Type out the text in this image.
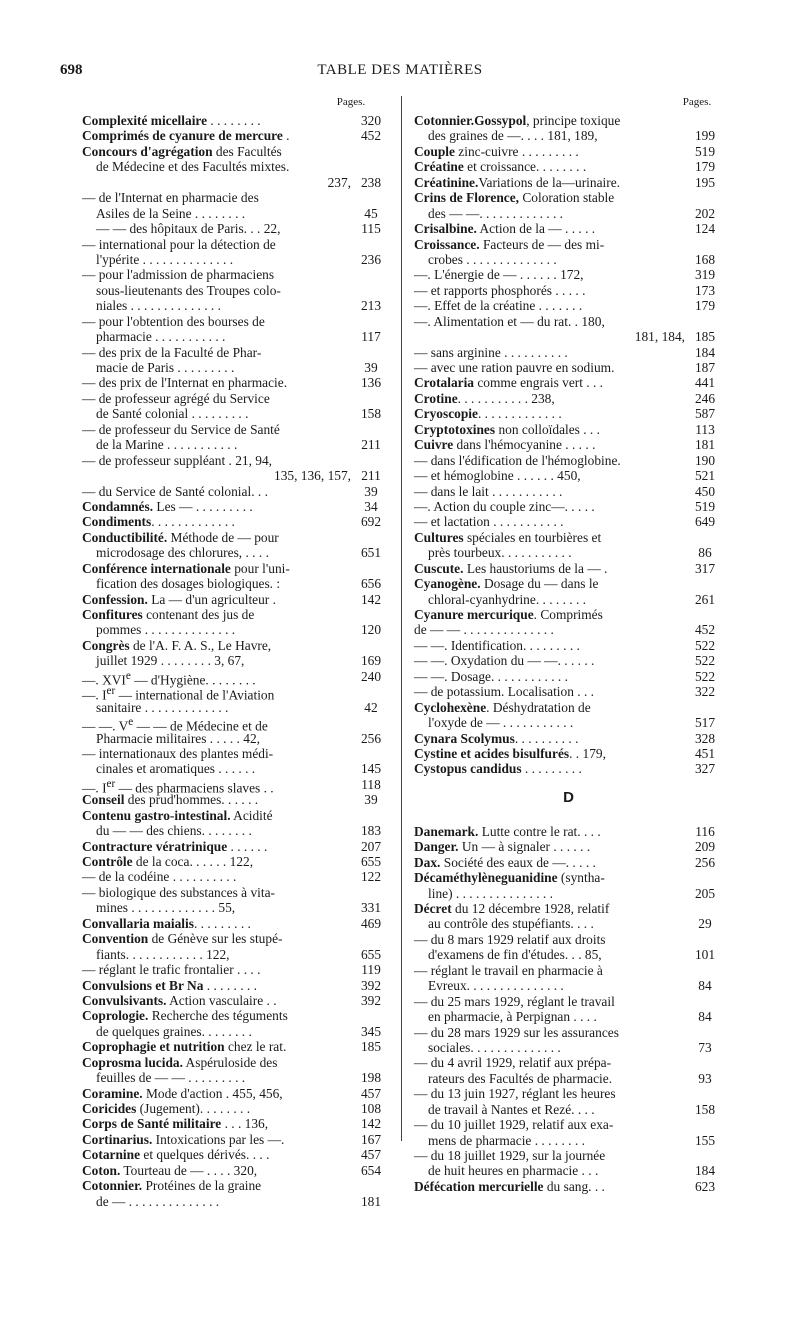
698	TABLE DES MATIÈRES
Pages.
Complexité micellaire . . . . . . . .	320
Comprimés de cyanure de mercure .	452
Concours d'agrégation des Facultés
de Médecine et des Facultés mixtes.
237, 238
— de l'Internat en pharmacie des
Asiles de la Seine . . . . . . . .	45
— — des hôpitaux de Paris. . . 22,	115
— international pour la détection de
l'ypérite . . . . . . . . . . . . . .	236
— pour l'admission de pharmaciens
sous-lieutenants des Troupes colo-
niales . . . . . . . . . . . . . .	213
— pour l'obtention des bourses de
pharmacie . . . . . . . . . . .	117
— des prix de la Faculté de Phar-
macie de Paris . . . . . . . . .	39
— des prix de l'Internat en pharmacie.	136
— de professeur agrégé du Service
de Santé colonial . . . . . . . . .	158
— de professeur du Service de Santé
de la Marine . . . . . . . . . . .	211
— de professeur suppléant . 21, 94,
135, 136, 157, 211
— du Service de Santé colonial. . .	39
Condamnés. Les — . . . . . . . . .	34
Condiments. . . . . . . . . . . . .	692
Conductibilité. Méthode de — pour
microdosage des chlorures, . . . .	651
Conférence internationale pour l'uni-
fication des dosages biologiques. :	656
Confession. La — d'un agriculteur .	142
Confitures contenant des jus de
pommes . . . . . . . . . . . . . .	120
Congrès de l'A. F. A. S., Le Havre,
juillet 1929 . . . . . . . . 3, 67,	169
—. XVIe — d'Hygiène. . . . . . . .	240
—. Ier — international de l'Aviation
sanitaire . . . . . . . . . . . . .	42
— —. Ve — — de Médecine et de
Pharmacie militaires . . . . . 42,	256
— internationaux des plantes médi-
cinales et aromatiques . . . . . .	145
—. Ier — des pharmaciens slaves . .	118
Conseil des prud'hommes. . . . . .	39
Contenu gastro-intestinal. Acidité
du — — des chiens. . . . . . . .	183
Contracture vératrinique . . . . . .	207
Contrôle de la coca. . . . . . 122,	655
— de la codéine . . . . . . . . . .	122
— biologique des substances à vita-
mines . . . . . . . . . . . . . 55,	331
Convallaria maialis. . . . . . . . .	469
Convention de Génève sur les stupé-
fiants. . . . . . . . . . . . 122,	655
— réglant le trafic frontalier . . . .	119
Convulsions et Br Na . . . . . . . .	392
Convulsivants. Action vasculaire . .	392
Coprologie. Recherche des téguments
de quelques graines. . . . . . . .	345
Coprophagie et nutrition chez le rat.	185
Coprosma lucida. Aspéruloside des
feuilles de — — . . . . . . . . .	198
Coramine. Mode d'action . 455, 456,	457
Coricides (Jugement). . . . . . . .	108
Corps de Santé militaire . . . 136,	142
Cortinarius. Intoxications par les —.	167
Cotarnine et quelques dérivés. . . .	457
Coton. Tourteau de — . . . . 320,	654
Cotonnier. Protéines de la graine
de — . . . . . . . . . . . . . .	181
Pages.
Cotonnier.Gossypol, principe toxique
des graines de —. . . . 181, 189,	199
Couple zinc-cuivre . . . . . . . . .	519
Créatine et croissance. . . . . . . .	179
Créatinine.Variations de la—urinaire.	195
Crins de Florence, Coloration stable
des — —. . . . . . . . . . . . .	202
Crisalbine. Action de la — . . . . .	124
Croissance. Facteurs de — des mi-
crobes . . . . . . . . . . . . . .	168
—. L'énergie de — . . . . . . 172,	319
— et rapports phosphorés . . . . .	173
—. Effet de la créatine . . . . . . .	179
—. Alimentation et — du rat. . 180,
181, 184, 185
— sans arginine . . . . . . . . . .	184
— avec une ration pauvre en sodium.	187
Crotalaria comme engrais vert . . .	441
Crotine. . . . . . . . . . . 238,	246
Cryoscopie. . . . . . . . . . . . .	587
Cryptotoxines non colloïdales . . .	113
Cuivre dans l'hémocyanine . . . . .	181
— dans l'édification de l'hémoglobine.	190
— et hémoglobine . . . . . . 450,	521
— dans le lait . . . . . . . . . . .	450
—. Action du couple zinc—. . . . .	519
— et lactation . . . . . . . . . . .	649
Cultures spéciales en tourbières et
près tourbeux. . . . . . . . . . .	86
Cuscute. Les haustoriums de la — .	317
Cyanogène. Dosage du — dans le
chloral-cyanhydrine. . . . . . . .	261
Cyanure mercurique. Comprimés
de — — . . . . . . . . . . . . . .	452
— —. Identification. . . . . . . . .	522
— —. Oxydation du — —. . . . . .	522
— —. Dosage. . . . . . . . . . . .	522
— de potassium. Localisation . . .	322
Cyclohexène. Déshydratation de
l'oxyde de — . . . . . . . . . . .	517
Cynara Scolymus. . . . . . . . . .	328
Cystine et acides bisulfurés. . 179,	451
Cystopus candidus . . . . . . . . .	327
D
Danemark. Lutte contre le rat. . . .	116
Danger. Un — à signaler . . . . . .	209
Dax. Société des eaux de —. . . . .	256
Décaméthylèneguanidine (syntha-
line) . . . . . . . . . . . . . . .	205
Décret du 12 décembre 1928, relatif
au contrôle des stupéfiants. . . .	29
— du 8 mars 1929 relatif aux droits
d'examens de fin d'études. . . 85,	101
— réglant le travail en pharmacie à
Evreux. . . . . . . . . . . . . . .	84
— du 25 mars 1929, réglant le travail
en pharmacie, à Perpignan . . . .	84
— du 28 mars 1929 sur les assurances
sociales. . . . . . . . . . . . . .	73
— du 4 avril 1929, relatif aux prépa-
rateurs des Facultés de pharmacie.	93
— du 13 juin 1927, réglant les heures
de travail à Nantes et Rezé. . . .	158
— du 10 juillet 1929, relatif aux exa-
mens de pharmacie . . . . . . . .	155
— du 18 juillet 1929, sur la journée
de huit heures en pharmacie . . .	184
Défécation mercurielle du sang. . .	623
